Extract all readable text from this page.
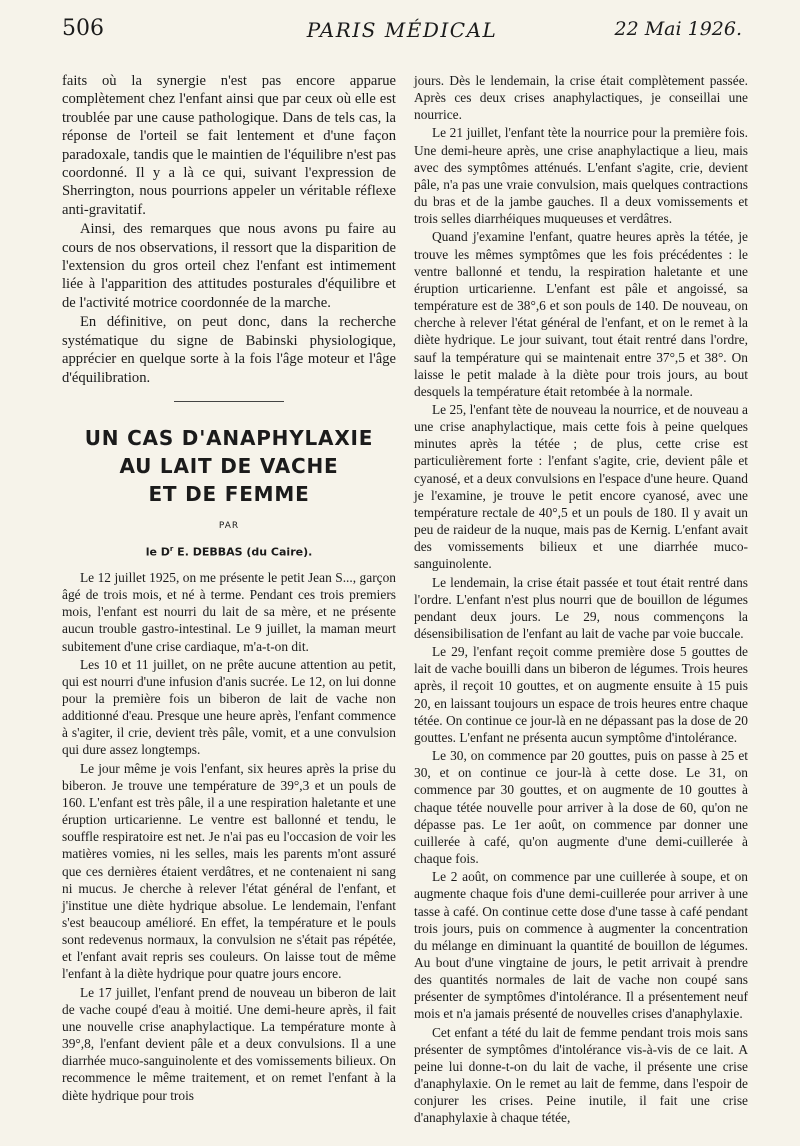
506	PARIS MÉDICAL	22 Mai 1926.

faits où la synergie n'est pas encore apparue complètement chez l'enfant ainsi que par ceux où elle est troublée par une cause pathologique. Dans de tels cas, la réponse de l'orteil se fait lentement et d'une façon paradoxale, tandis que le maintien de l'équilibre n'est pas coordonné. Il y a là ce qui, suivant l'expression de Sherrington, nous pourrions appeler un véritable réflexe anti-gravitatif.

Ainsi, des remarques que nous avons pu faire au cours de nos observations, il ressort que la disparition de l'extension du gros orteil chez l'enfant est intimement liée à l'apparition des attitudes posturales d'équilibre et de l'activité motrice coordonnée de la marche.

En définitive, on peut donc, dans la recherche systématique du signe de Babinski physiologique, apprécier en quelque sorte à la fois l'âge moteur et l'âge d'équilibration.

UN CAS D'ANAPHYLAXIE
AU LAIT DE VACHE
ET DE FEMME
PAR
le $D^r$ E. DEBBAS (du Caire).

Le 12 juillet 1925, on me présente le petit Jean S..., garçon âgé de trois mois, et né à terme. Pendant ces trois premiers mois, l'enfant est nourri du lait de sa mère, et ne présente aucun trouble gastro-intestinal. Le 9 juillet, la maman meurt subitement d'une crise cardiaque, m'a-t-on dit.

Les 10 et 11 juillet, on ne prête aucune attention au petit, qui est nourri d'une infusion d'anis sucrée. Le 12, on lui donne pour la première fois un biberon de lait de vache non additionné d'eau. Presque une heure après, l'enfant commence à s'agiter, il crie, devient très pâle, vomit, et a une convulsion qui dure assez longtemps.

Le jour même je vois l'enfant, six heures après la prise du biberon. Je trouve une température de 39°,3 et un pouls de 160. L'enfant est très pâle, il a une respiration haletante et une éruption urticarienne. Le ventre est ballonné et tendu, le souffle respiratoire est net. Je n'ai pas eu l'occasion de voir les matières vomies, ni les selles, mais les parents m'ont assuré que ces dernières étaient verdâtres, et ne contenaient ni sang ni mucus. Je cherche à relever l'état général de l'enfant, et j'institue une diète hydrique absolue. Le lendemain, l'enfant s'est beaucoup amélioré. En effet, la température et le pouls sont redevenus normaux, la convulsion ne s'était pas répétée, et l'enfant avait repris ses couleurs. On laisse tout de même l'enfant à la diète hydrique pour quatre jours encore.

Le 17 juillet, l'enfant prend de nouveau un biberon de lait de vache coupé d'eau à moitié. Une demi-heure après, il fait une nouvelle crise anaphylactique. La température monte à 39°,8, l'enfant devient pâle et a deux convulsions. Il a une diarrhée muco-sanguinolente et des vomissements bilieux. On recommence le même traitement, et on remet l'enfant à la diète hydrique pour trois

jours. Dès le lendemain, la crise était complètement passée. Après ces deux crises anaphylactiques, je conseillai une nourrice.

Le 21 juillet, l'enfant tète la nourrice pour la première fois. Une demi-heure après, une crise anaphylactique a lieu, mais avec des symptômes atténués. L'enfant s'agite, crie, devient pâle, n'a pas une vraie convulsion, mais quelques contractions du bras et de la jambe gauches. Il a deux vomissements et trois selles diarrhéiques muqueuses et verdâtres.

Quand j'examine l'enfant, quatre heures après la tétée, je trouve les mêmes symptômes que les fois précédentes : le ventre ballonné et tendu, la respiration haletante et une éruption urticarienne. L'enfant est pâle et angoissé, sa température est de 38°,6 et son pouls de 140. De nouveau, on cherche à relever l'état général de l'enfant, et on le remet à la diète hydrique. Le jour suivant, tout était rentré dans l'ordre, sauf la température qui se maintenait entre 37°,5 et 38°. On laisse le petit malade à la diète pour trois jours, au bout desquels la température était retombée à la normale.

Le 25, l'enfant tète de nouveau la nourrice, et de nouveau a une crise anaphylactique, mais cette fois à peine quelques minutes après la tétée ; de plus, cette crise est particulièrement forte : l'enfant s'agite, crie, devient pâle et cyanosé, et a deux convulsions en l'espace d'une heure. Quand je l'examine, je trouve le petit encore cyanosé, avec une température rectale de 40°,5 et un pouls de 180. Il y avait un peu de raideur de la nuque, mais pas de Kernig. L'enfant avait des vomissements bilieux et une diarrhée muco-sanguinolente.

Le lendemain, la crise était passée et tout était rentré dans l'ordre. L'enfant n'est plus nourri que de bouillon de légumes pendant deux jours. Le 29, nous commençons la désensibilisation de l'enfant au lait de vache par voie buccale.

Le 29, l'enfant reçoit comme première dose 5 gouttes de lait de vache bouilli dans un biberon de légumes. Trois heures après, il reçoit 10 gouttes, et on augmente ensuite à 15 puis 20, en laissant toujours un espace de trois heures entre chaque tétée. On continue ce jour-là en ne dépassant pas la dose de 20 gouttes. L'enfant ne présenta aucun symptôme d'intolérance.

Le 30, on commence par 20 gouttes, puis on passe à 25 et 30, et on continue ce jour-là à cette dose. Le 31, on commence par 30 gouttes, et on augmente de 10 gouttes à chaque tétée nouvelle pour arriver à la dose de 60, qu'on ne dépasse pas. Le 1er août, on commence par donner une cuillerée à café, qu'on augmente d'une demi-cuillerée à chaque fois.

Le 2 août, on commence par une cuillerée à soupe, et on augmente chaque fois d'une demi-cuillerée pour arriver à une tasse à café. On continue cette dose d'une tasse à café pendant trois jours, puis on commence à augmenter la concentration du mélange en diminuant la quantité de bouillon de légumes. Au bout d'une vingtaine de jours, le petit arrivait à prendre des quantités normales de lait de vache non coupé sans présenter de symptômes d'intolérance. Il a présentement neuf mois et n'a jamais présenté de nouvelles crises d'anaphylaxie.

Cet enfant a tété du lait de femme pendant trois mois sans présenter de symptômes d'intolérance vis-à-vis de ce lait. A peine lui donne-t-on du lait de vache, il présente une crise d'anaphylaxie. On le remet au lait de femme, dans l'espoir de conjurer les crises. Peine inutile, il fait une crise d'anaphylaxie à chaque tétée,
